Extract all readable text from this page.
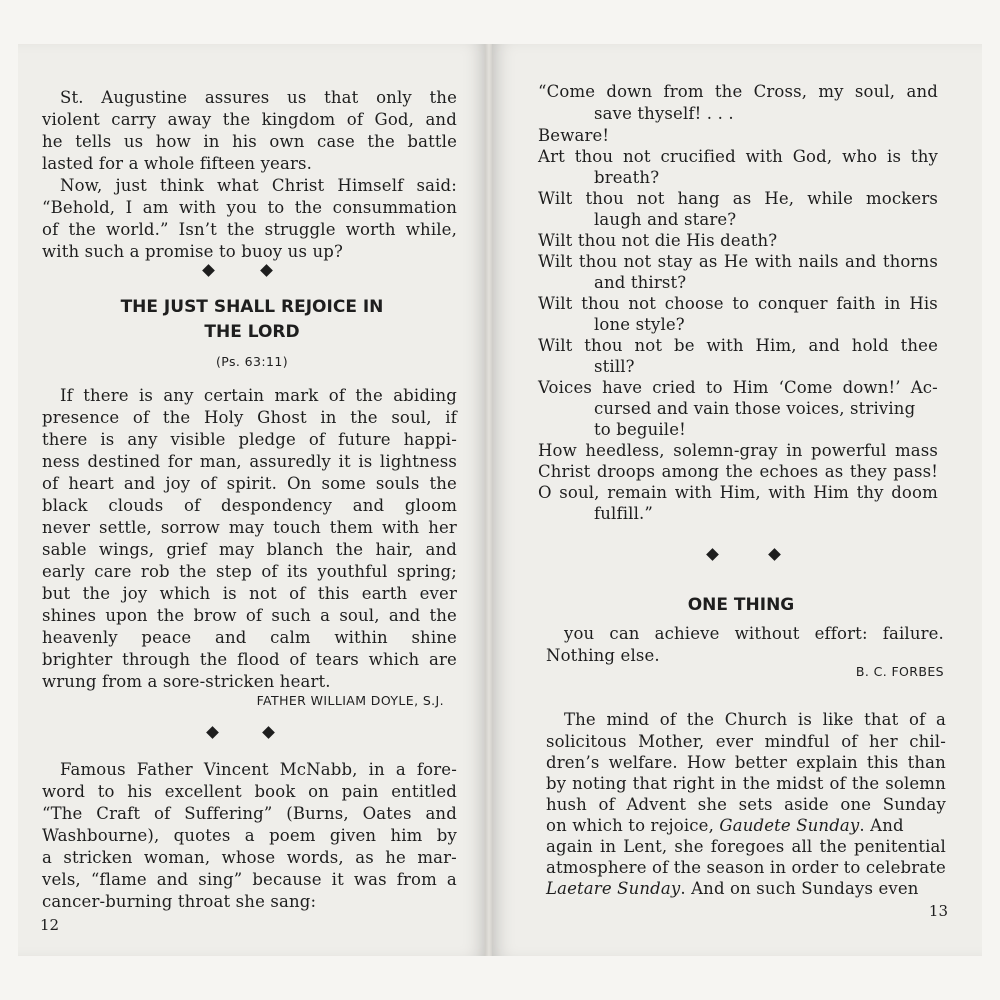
St. Augustine assures us that only the
violent carry away the kingdom of God, and
he tells us how in his own case the battle
lasted for a whole fifteen years.
Now, just think what Christ Himself said:
“Behold, I am with you to the consummation
of the world.” Isn’t the struggle worth while,
with such a promise to buoy us up?
THE JUST SHALL REJOICE IN
THE LORD
(Ps. 63:11)
If there is any certain mark of the abiding
presence of the Holy Ghost in the soul, if
there is any visible pledge of future happi-
ness destined for man, assuredly it is lightness
of heart and joy of spirit. On some souls the
black clouds of despondency and gloom
never settle, sorrow may touch them with her
sable wings, grief may blanch the hair, and
early care rob the step of its youthful spring;
but the joy which is not of this earth ever
shines upon the brow of such a soul, and the
heavenly peace and calm within shine
brighter through the flood of tears which are
wrung from a sore-stricken heart.
FATHER WILLIAM DOYLE, S.J.
Famous Father Vincent McNabb, in a fore-
word to his excellent book on pain entitled
“The Craft of Suffering” (Burns, Oates and
Washbourne), quotes a poem given him by
a stricken woman, whose words, as he mar-
vels, “flame and sing” because it was from a
cancer-burning throat she sang:
12
“Come down from the Cross, my soul, and
save thyself! . . .
Beware!
Art thou not crucified with God, who is thy
breath?
Wilt thou not hang as He, while mockers
laugh and stare?
Wilt thou not die His death?
Wilt thou not stay as He with nails and thorns
and thirst?
Wilt thou not choose to conquer faith in His
lone style?
Wilt thou not be with Him, and hold thee
still?
Voices have cried to Him ‘Come down!’ Ac-
cursed and vain those voices, striving
to beguile!
How heedless, solemn-gray in powerful mass
Christ droops among the echoes as they pass!
O soul, remain with Him, with Him thy doom
fulfill.”
ONE THING
you can achieve without effort: failure.
Nothing else.
B. C. FORBES
The mind of the Church is like that of a
solicitous Mother, ever mindful of her chil-
dren’s welfare. How better explain this than
by noting that right in the midst of the solemn
hush of Advent she sets aside one Sunday
on which to rejoice, Gaudete Sunday. And
again in Lent, she foregoes all the penitential
atmosphere of the season in order to celebrate
Laetare Sunday. And on such Sundays even
13
